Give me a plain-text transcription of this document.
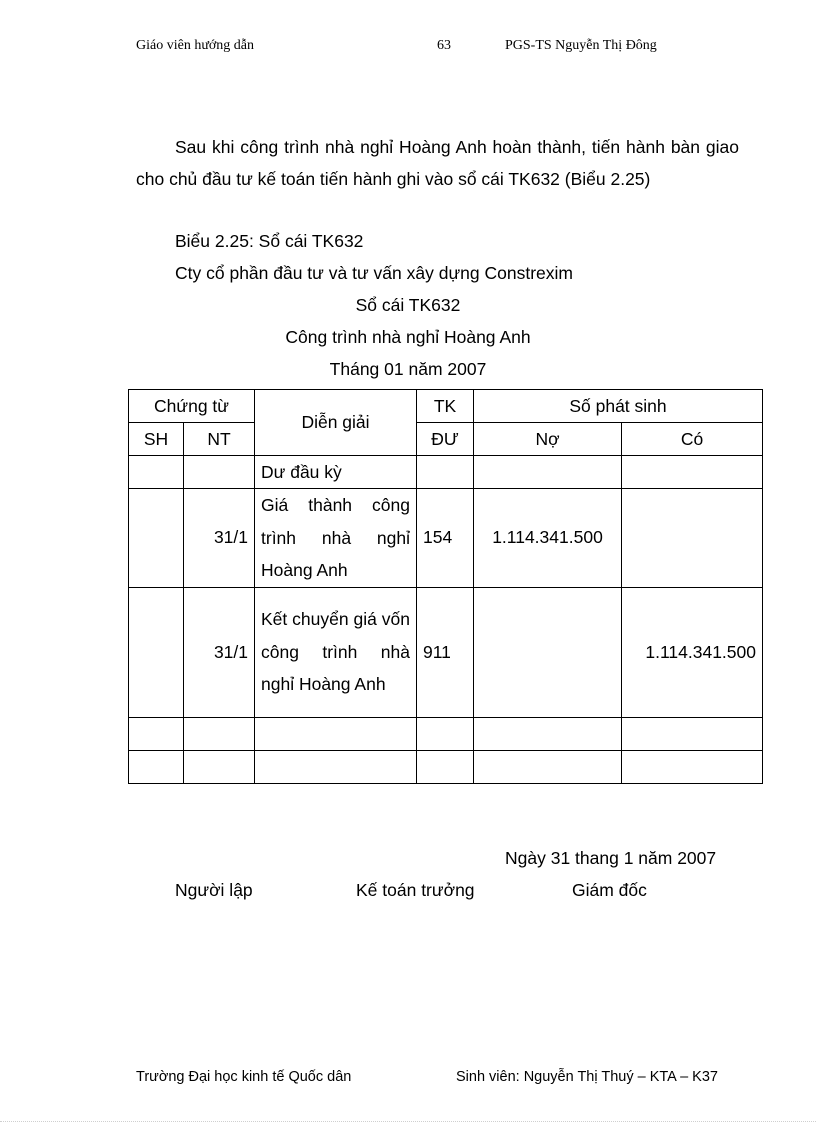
Giáo viên hướng dẫn	63	PGS-TS Nguyễn Thị Đông
Sau khi công trình nhà nghỉ Hoàng Anh hoàn thành, tiến hành bàn giao cho chủ đầu tư kế toán tiến hành ghi vào sổ cái TK632 (Biểu 2.25)
Biểu 2.25: Sổ cái TK632
Cty cổ phần đầu tư và tư vấn xây dựng Constrexim
Sổ cái TK632
Công trình nhà nghỉ Hoàng Anh
Tháng 01 năm 2007
Chứng từ		Diễn giải	TK	Số phát sinh	
SH	NT		ĐƯ	Nợ	Có
		Dư đầu kỳ			
	31/1	Giá thành công trình nhà nghỉ Hoàng Anh	154	1.114.341.500	
	31/1	Kết chuyển giá vốn công trình nhà nghỉ Hoàng Anh	911		1.114.341.500

Ngày 31 thang 1 năm 2007
Người lập	Kế toán trưởng	Giám đốc
Trường Đại học kinh tế Quốc dân	Sinh viên: Nguyễn Thị Thuý – KTA – K37
